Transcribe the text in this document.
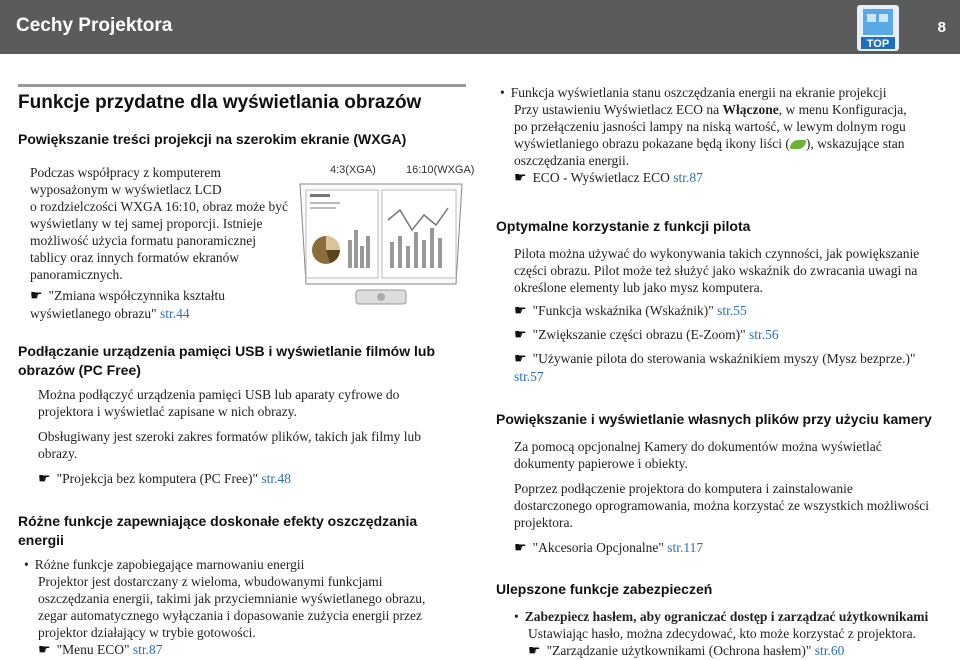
Cechy Projektora
TOP
8
Funkcje przydatne dla wyświetlania obrazów
Powiększanie treści projekcji na szerokim ekranie (WXGA)
Podczas współpracy z komputerem
wyposażonym w wyświetlacz LCD
o rozdzielczości WXGA 16:10, obraz może być
wyświetlany w tej samej proporcji. Istnieje
możliwość użycia formatu panoramicznej
tablicy oraz innych formatów ekranów
panoramicznych.
☛ "Zmiana współczynnika kształtu
wyświetlanego obrazu" str.44
4:3(XGA)	16:10(WXGA)
Podłączanie urządzenia pamięci USB i wyświetlanie filmów lub
obrazów (PC Free)
Można podłączyć urządzenia pamięci USB lub aparaty cyfrowe do
projektora i wyświetlać zapisane w nich obrazy.
Obsługiwany jest szeroki zakres formatów plików, takich jak filmy lub
obrazy.
☛ "Projekcja bez komputera (PC Free)" str.48
Różne funkcje zapewniające doskonałe efekty oszczędzania
energii
• Różne funkcje zapobiegające marnowaniu energii
Projektor jest dostarczany z wieloma, wbudowanymi funkcjami
oszczędzania energii, takimi jak przyciemnianie wyświetlanego obrazu,
zegar automatycznego wyłączania i dopasowanie zużycia energii przez
projektor działający w trybie gotowości.
☛ "Menu ECO" str.87
• Funkcja wyświetlania stanu oszczędzania energii na ekranie projekcji
Przy ustawieniu Wyświetlacz ECO na Włączone, w menu Konfiguracja,
po przełączeniu jasności lampy na niską wartość, w lewym dolnym rogu
wyświetlaniego obrazu pokazane będą ikony liści ( ), wskazujące stan
oszczędzania energii.
☛ ECO - Wyświetlacz ECO str.87
Optymalne korzystanie z funkcji pilota
Pilota można używać do wykonywania takich czynności, jak powiększanie
części obrazu. Pilot może też służyć jako wskaźnik do zwracania uwagi na
określone elementy lub jako mysz komputera.
☛ "Funkcja wskaźnika (Wskaźnik)" str.55
☛ "Zwiększanie części obrazu (E-Zoom)" str.56
☛ "Używanie pilota do sterowania wskaźnikiem myszy (Mysz bezprze.)"
str.57
Powiększanie i wyświetlanie własnych plików przy użyciu kamery
Za pomocą opcjonalnej Kamery do dokumentów można wyświetlać
dokumenty papierowe i obiekty.
Poprzez podłączenie projektora do komputera i zainstalowanie
dostarczonego oprogramowania, można korzystać ze wszystkich możliwości
projektora.
☛ "Akcesoria Opcjonalne" str.117
Ulepszone funkcje zabezpieczeń
• Zabezpiecz hasłem, aby ograniczać dostęp i zarządzać użytkownikami
Ustawiając hasło, można zdecydować, kto może korzystać z projektora.
☛ "Zarządzanie użytkownikami (Ochrona hasłem)" str.60
